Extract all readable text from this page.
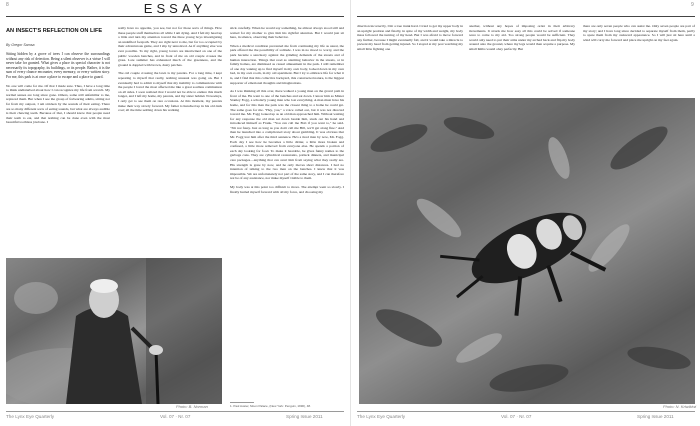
8	ESSAY
AN INSECT'S REFLECTION ON LIFE
By Gregor Samsa

Sitting hidden by a grove of trees I can observe the surroundings without any risk of detection. Being a silent observer is a virtue I will never take for granted. What gives a place its special character is not necessarily its topography, its buildings, or its people. Rather, it is the sum of every chance encounter, every memory, or every written story. For me, this park is at once a place to escape and a place to guard.

No one will come for me. Of that I made sure. Thus, I have a long time to think undisturbed about how I can recognize my life from scratch. My normal senses are long since gone. Others, some still unfamiliar to me, replaced them. But when I see the group of forbearing adults, sitting not far from my outpost, I am stricken by the sounds of their eating. There are so many different sorts of eating sounds, but what are always audible is their chewing teeth. Because of that, I should know that people need their teeth to eat, and that nothing can be done even with the most beautiful toothless jawbone. I

really have no appetite, you see, but not for those sorts of things. How these people stuff themselves all while I am dying. And I felt my head up a little and turn my attention toward the three young boys investigating an undefiled footpath. They are right next to me, but far too occupied by their adventurous game, and I slip by unnoticed. As if anything else was ever possible. To my right, young lovers are intertwined on one of the public wooden benches, and in front of me an old couple crosses the grass. Late summer has exhausted much of the greenness, and the ground is dappled with brown, dusty patches.

The old couple crossing the lawn is my parents. For a long time, I kept repeating to myself that really, nothing unusual was going on. But I eventually had to admit to myself that my inability to communicate with the people I loved the most affected me like a great soulless communion on all sides. I soon realized that I would not be able to endure this much longer, and I left my home, my parents, and my sister behind. Nowadays, I only get to see them on rare occasions. At this moment, my parents make their way slowly forward. My father is hunched up in his old dark coat; all the time settling down his walking

stick carefully. When he would say something, he almost always stood still and waited for my mother to give him his rightful attention. But I would just sit here, in silence, observing their behavior.

When a medical condition prevented me from continuing my life as usual, the park offered me the possibility of solitude. I was in no mood to worry, and the park became a sanctuary against the grinding demands of the streets and of human interaction. Things that read as alarming behavior in the streets, or in family homes, are dismissed as casual amusement in the park. I still remember of one day waking up to find myself in my own body, locked down in my own bed, in my own room, in my old apartment. But I try to embrace life for what it is, and I find that this collective backyard, this constructed nature, is the biggest supporter of emotional thoughts and imaginations.

As I was thinking all this over, there walked a young man on the gravel path in front of me. He went to one of the benches and sat down. I know him as Mister Stanley Fogg, a scholarly young man who lost everything. A man must have his home, and for this man the park was the closest thing to a home he could get. The same goes for me. "Hey, you," a voice called out, but it was not directed toward me. Mr. Fogg looked up as an old man approached him. Without waiting for any response the old man sat down beside him, stuck out his hand and introduced himself as Frank. "You can call me Bob if you want to," he said. "I'm not fussy. Just as long as you don't call me Bill, we'll get along fine." And then he launched into a complicated story about gambling. It was obvious that Mr. Fogg lost him after the third sentence. He's a tired man by now, Mr. Fogg. Each day I see how he becomes a little dirtier, a little more broken and confused, a little more removed from everyone else. He spends a portion of each day looking for food. To make it bearable, he gives funny names to the garbage cans. They are cylindrical restaurants, potluck dinners, and municipal care packages—anything that can avert him from saying what they really are. His strength is gone by now, and he only moves short distances. I had no intention of talking to the two men on the benches. I knew that it was impossible. We are unfortunately not part of the same story, and I can therefore not be of any assistance, nor make myself visible to them.

My body was at this point too difficult to move. The attempt went so slowly. I finally hurled myself forward with all my force, and choosing my

Photo: B. Norman
The Lynx Eye Quarterly	Vol. 07 · Nr. 07	Spring Issue 2011
9

direction incorrectly, I hit a tree trunk hard. I tried to get my upper body in an upright position and finally, in spite of my width and weight, my body mass followed the turning of my head. But I was afraid to move forward any further, because I might eventually fall, and it would take a miracle to prevent my head from getting injured. So I stayed at my post watching my small little fighting one

another, without any hopes of imposing order in their arbitrary movements. It struck me how easy all this could be solved if someone were to come to my aid. Too strong people would be sufficient. They would only need to put their arms under my arched back and flip my body around onto the ground, where my legs would then acquire a purpose. My small limbs would obey perfectly. But

there are only seven people who can assist me. Only seven people are part of my story; and I have long since decided to separate myself from them, partly to spare them from my awkward appearance. So I will just sit here until a wind will carry me forward and place me upright on my feet again.

Photo: N. Kriwikiwi
The Lynx Eye Quarterly	Vol. 07 · Nr. 07	Spring Issue 2011
1. Paul Auster, Moon Palace, (New York: Penguin, 1990), 48.
